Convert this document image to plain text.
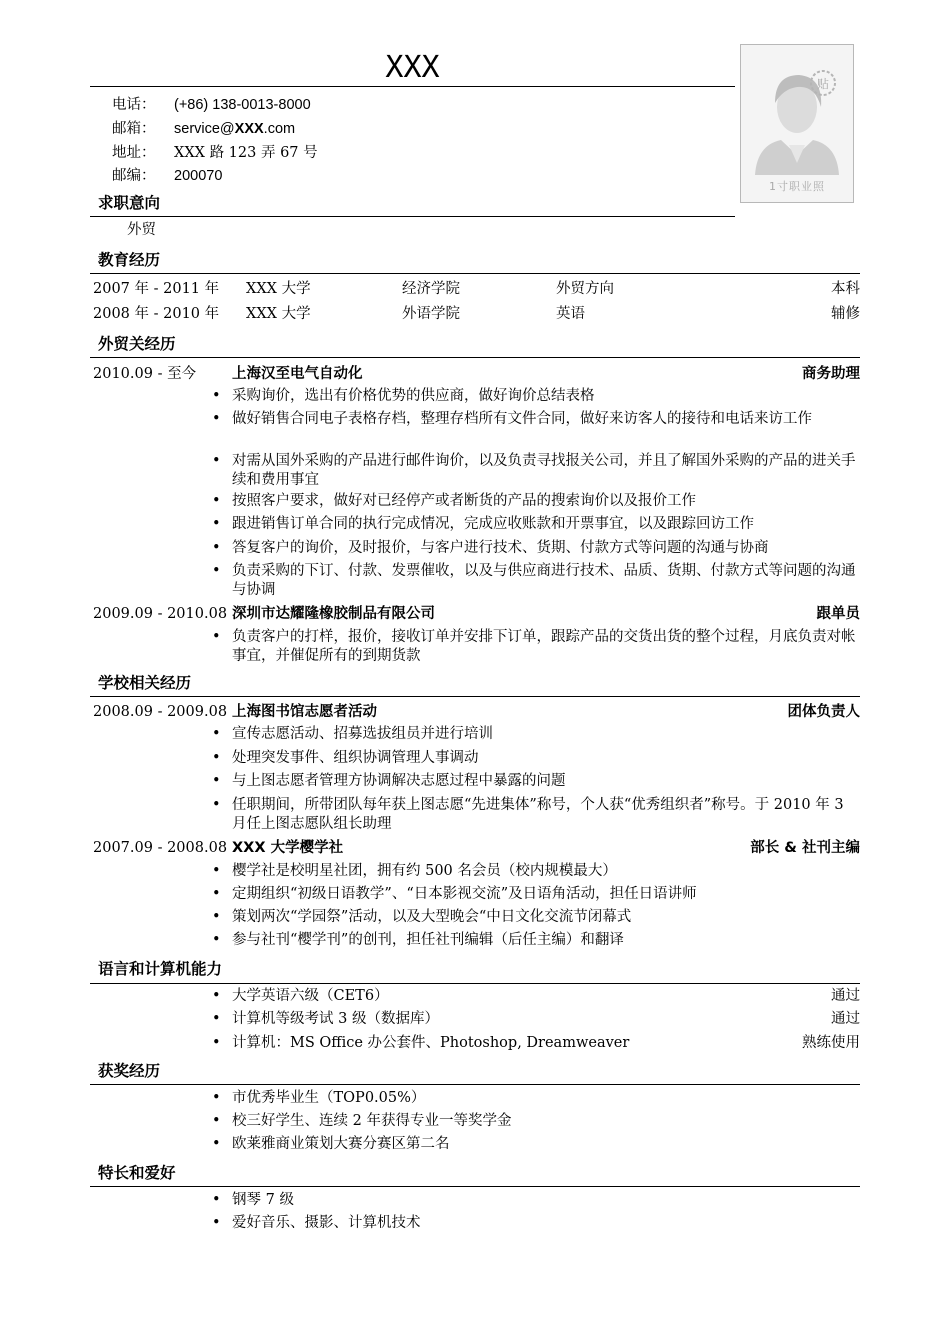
XXX	贴
1寸职业照
电话： (+86) 138-0013-8000
邮箱： service@XXX.com
地址： XXX 路 123 弄 67 号
邮编： 200070
求职意向
外贸
教育经历
2007 年 - 2011 年 XXX 大学	经济学院	外贸方向	本科
2008 年 - 2010 年 XXX 大学	外语学院	英语	辅修
外贸关经历
2010.09 - 至今 上海汉至电气自动化	商务助理
• 采购询价，选出有价格优势的供应商，做好询价总结表格
• 做好销售合同电子表格存档，整理存档所有文件合同，做好来访客人的接待和电话来访工作
• 对需从国外采购的产品进行邮件询价，以及负责寻找报关公司，并且了解国外采购的产品的进关手续和费用事宜
• 按照客户要求，做好对已经停产或者断货的产品的搜索询价以及报价工作
• 跟进销售订单合同的执行完成情况，完成应收账款和开票事宜，以及跟踪回访工作
• 答复客户的询价，及时报价，与客户进行技术、货期、付款方式等问题的沟通与协商
• 负责采购的下订、付款、发票催收，以及与供应商进行技术、品质、货期、付款方式等问题的沟通与协调
2009.09 - 2010.08 深圳市达耀隆橡胶制品有限公司	跟单员
• 负责客户的打样，报价，接收订单并安排下订单，跟踪产品的交货出货的整个过程，月底负责对帐事宜，并催促所有的到期货款
学校相关经历
2008.09 - 2009.08 上海图书馆志愿者活动	团体负责人
• 宣传志愿活动、招募选拔组员并进行培训
• 处理突发事件、组织协调管理人事调动
• 与上图志愿者管理方协调解决志愿过程中暴露的问题
• 任职期间，所带团队每年获上图志愿“先进集体”称号，个人获“优秀组织者”称号。于 2010 年 3 月任上图志愿队组长助理
2007.09 - 2008.08 XXX 大学樱学社	部长 & 社刊主编
• 樱学社是校明星社团，拥有约 500 名会员（校内规模最大）
• 定期组织“初级日语教学”、“日本影视交流”及日语角活动，担任日语讲师
• 策划两次“学园祭”活动，以及大型晚会“中日文化交流节闭幕式
• 参与社刊“樱学刊”的创刊，担任社刊编辑（后任主编）和翻译
语言和计算机能力
• 大学英语六级（CET6）	通过
• 计算机等级考试 3 级（数据库）	通过
• 计算机：MS Office 办公套件、Photoshop, Dreamweaver	熟练使用
获奖经历
• 市优秀毕业生（TOP0.05%）
• 校三好学生、连续 2 年获得专业一等奖学金
• 欧莱雅商业策划大赛分赛区第二名
特长和爱好
• 钢琴 7 级
• 爱好音乐、摄影、计算机技术
